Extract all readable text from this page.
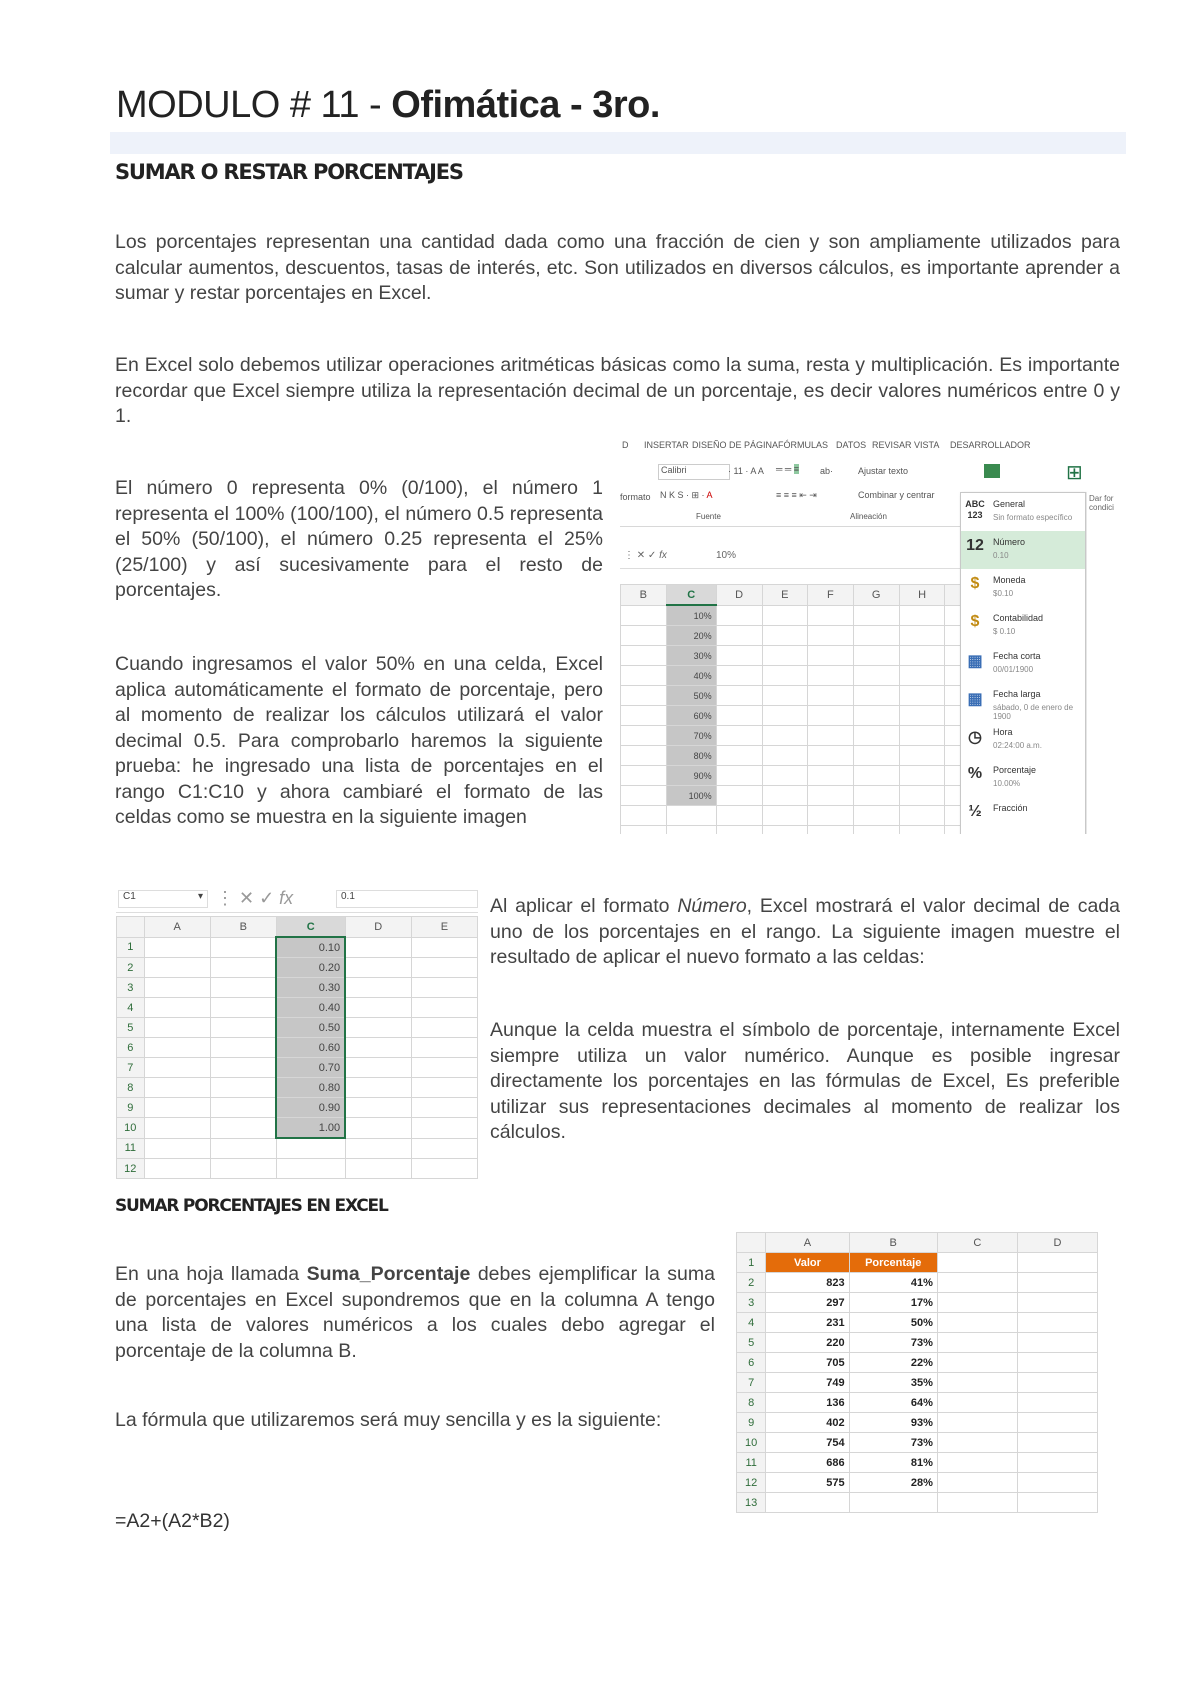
MODULO # 11 - Ofimática - 3ro.
SUMAR O RESTAR PORCENTAJES

Los porcentajes representan una cantidad dada como una fracción de cien y son ampliamente utilizados para calcular aumentos, descuentos, tasas de interés, etc. Son utilizados en diversos cálculos, es importante aprender a sumar y restar porcentajes en Excel.

En Excel solo debemos utilizar operaciones aritméticas básicas como la suma, resta y multiplicación. Es importante recordar que Excel siempre utiliza la representación decimal de un porcentaje, es decir valores numéricos entre 0 y 1.

El número 0 representa 0% (0/100), el número 1 representa el 100% (100/100), el número 0.5 representa el 50% (50/100), el número 0.25 representa el 25% (25/100) y así sucesivamente para el resto de porcentajes.

Cuando ingresamos el valor 50% en una celda, Excel aplica automáticamente el formato de porcentaje, pero al momento de realizar los cálculos utilizará el valor decimal 0.5. Para comprobarlo haremos la siguiente prueba: he ingresado una lista de porcentajes en el rango C1:C10 y ahora cambiaré el formato de las celdas como se muestra en la siguiente imagen

D INSERTAR DISEÑO DE PÁGINA FÓRMULAS DATOS REVISAR VISTA DESARROLLADOR
Calibri	· 11 · A A ═ ═ ≡	ab·	Ajustar texto
formato N K S · ⊞ · A	≡ ≡ ≡ ⇤ ⇥	Combinar y centrar
Fuente	Alineación
⊞
⋮ ✕ ✓ fx	10%
B	C	D	E	F	G	H				
	10%									
	20%									
	30%									
	40%									
	50%									
	60%									
	70%									
	80%									
	90%									
	100%									

ABC 123
General
Sin formato específico
12 Número
0.10
$	Moneda
$0.10
$	Contabilidad
$ 0.10
▦ Fecha corta
00/01/1900
▦ Fecha larga
sábado, 0 de enero de 1900
◷	Hora
02:24:00 a.m.
%	Porcentaje
10.00%
½	Fracción
Dar for
condici
C1	▾ ⋮ ✕ ✓ fx	0.1
	A	B	C	D	E
1			0.10		
2			0.20		
3			0.30		
4			0.40		
5			0.50		
6			0.60		
7			0.70		
8			0.80		
9			0.90		
10			1.00		
11					
12					

Al aplicar el formato Número, Excel mostrará el valor decimal de cada uno de los porcentajes en el rango. La siguiente imagen muestre el resultado de aplicar el nuevo formato a las celdas:

Aunque la celda muestra el símbolo de porcentaje, internamente Excel siempre utiliza un valor numérico. Aunque es posible ingresar directamente los porcentajes en las fórmulas de Excel, Es preferible utilizar sus representaciones decimales al momento de realizar los cálculos.

SUMAR PORCENTAJES EN EXCEL

En una hoja llamada Suma_Porcentaje debes ejemplificar la suma de porcentajes en Excel supondremos que en la columna A tengo una lista de valores numéricos a los cuales debo agregar el porcentaje de la columna B.

La fórmula que utilizaremos será muy sencilla y es la siguiente:

=A2+(A2*B2)
	A	B	C	D
1	Valor	Porcentaje		
2	823	41%		
3	297	17%		
4	231	50%		
5	220	73%		
6	705	22%		
7	749	35%		
8	136	64%		
9	402	93%		
10	754	73%		
11	686	81%		
12	575	28%		
13				
